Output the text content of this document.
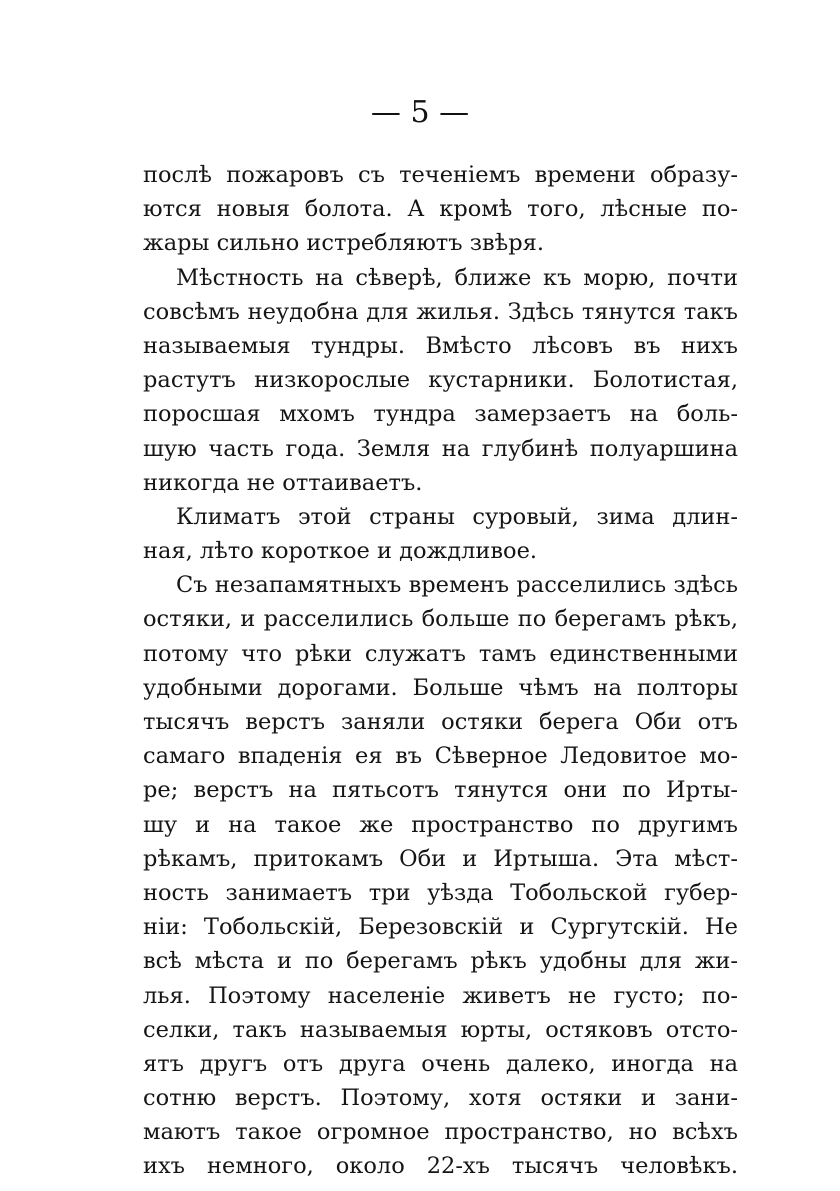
— 5 —
послѣ пожаровъ съ теченіемъ времени образу-
ются новыя болота. А кромѣ того, лѣсные по-
жары сильно истребляютъ звѣря.
Мѣстность на сѣверѣ, ближе къ морю, почти
совсѣмъ неудобна для жилья. Здѣсь тянутся такъ
называемыя тундры. Вмѣсто лѣсовъ въ нихъ
растутъ низкорослые кустарники. Болотистая,
поросшая мхомъ тундра замерзаетъ на боль-
шую часть года. Земля на глубинѣ полуаршина
никогда не оттаиваетъ.
Климатъ этой страны суровый, зима длин-
ная, лѣто короткое и дождливое.
Съ незапамятныхъ временъ расселились здѣсь
остяки, и расселились больше по берегамъ рѣкъ,
потому что рѣки служатъ тамъ единственными
удобными дорогами. Больше чѣмъ на полторы
тысячъ верстъ заняли остяки берега Оби отъ
самаго впаденія ея въ Сѣверное Ледовитое мо-
ре; верстъ на пятьсотъ тянутся они по Ирты-
шу и на такое же пространство по другимъ
рѣкамъ, притокамъ Оби и Иртыша. Эта мѣст-
ность занимаетъ три уѣзда Тобольской губер-
ніи: Тобольскій, Березовскій и Сургутскій. Не
всѣ мѣста и по берегамъ рѣкъ удобны для жи-
лья. Поэтому населеніе живетъ не густо; по-
селки, такъ называемыя юрты, остяковъ отсто-
ятъ другъ отъ друга очень далеко, иногда на
сотню верстъ. Поэтому, хотя остяки и зани-
маютъ такое огромное пространство, но всѣхъ
ихъ немного, около 22-хъ тысячъ человѣкъ.
